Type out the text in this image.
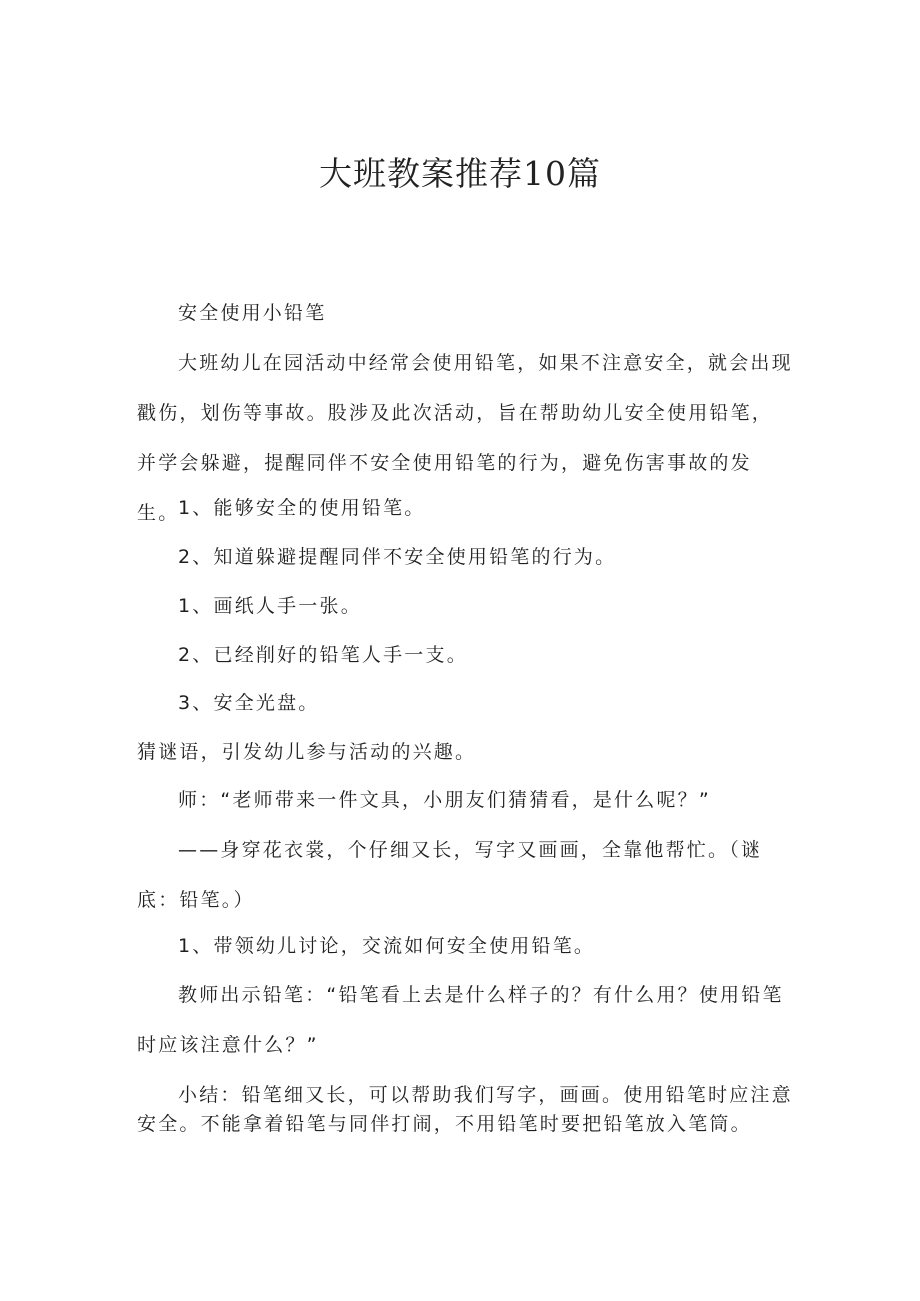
大班教案推荐10篇
安全使用小铅笔
大班幼儿在园活动中经常会使用铅笔，如果不注意安全，就会出现戳伤，划伤等事故。股涉及此次活动，旨在帮助幼儿安全使用铅笔，并学会躲避，提醒同伴不安全使用铅笔的行为，避免伤害事故的发生。
1、能够安全的使用铅笔。
2、知道躲避提醒同伴不安全使用铅笔的行为。
1、画纸人手一张。
2、已经削好的铅笔人手一支。
3、安全光盘。
猜谜语，引发幼儿参与活动的兴趣。
师：“老师带来一件文具，小朋友们猜猜看，是什么呢？”
——身穿花衣裳，个仔细又长，写字又画画，全靠他帮忙。（谜底：铅笔。）
1、带领幼儿讨论，交流如何安全使用铅笔。
教师出示铅笔：“铅笔看上去是什么样子的？有什么用？使用铅笔时应该注意什么？”
小结：铅笔细又长，可以帮助我们写字，画画。使用铅笔时应注意安全。不能拿着铅笔与同伴打闹，不用铅笔时要把铅笔放入笔筒。
